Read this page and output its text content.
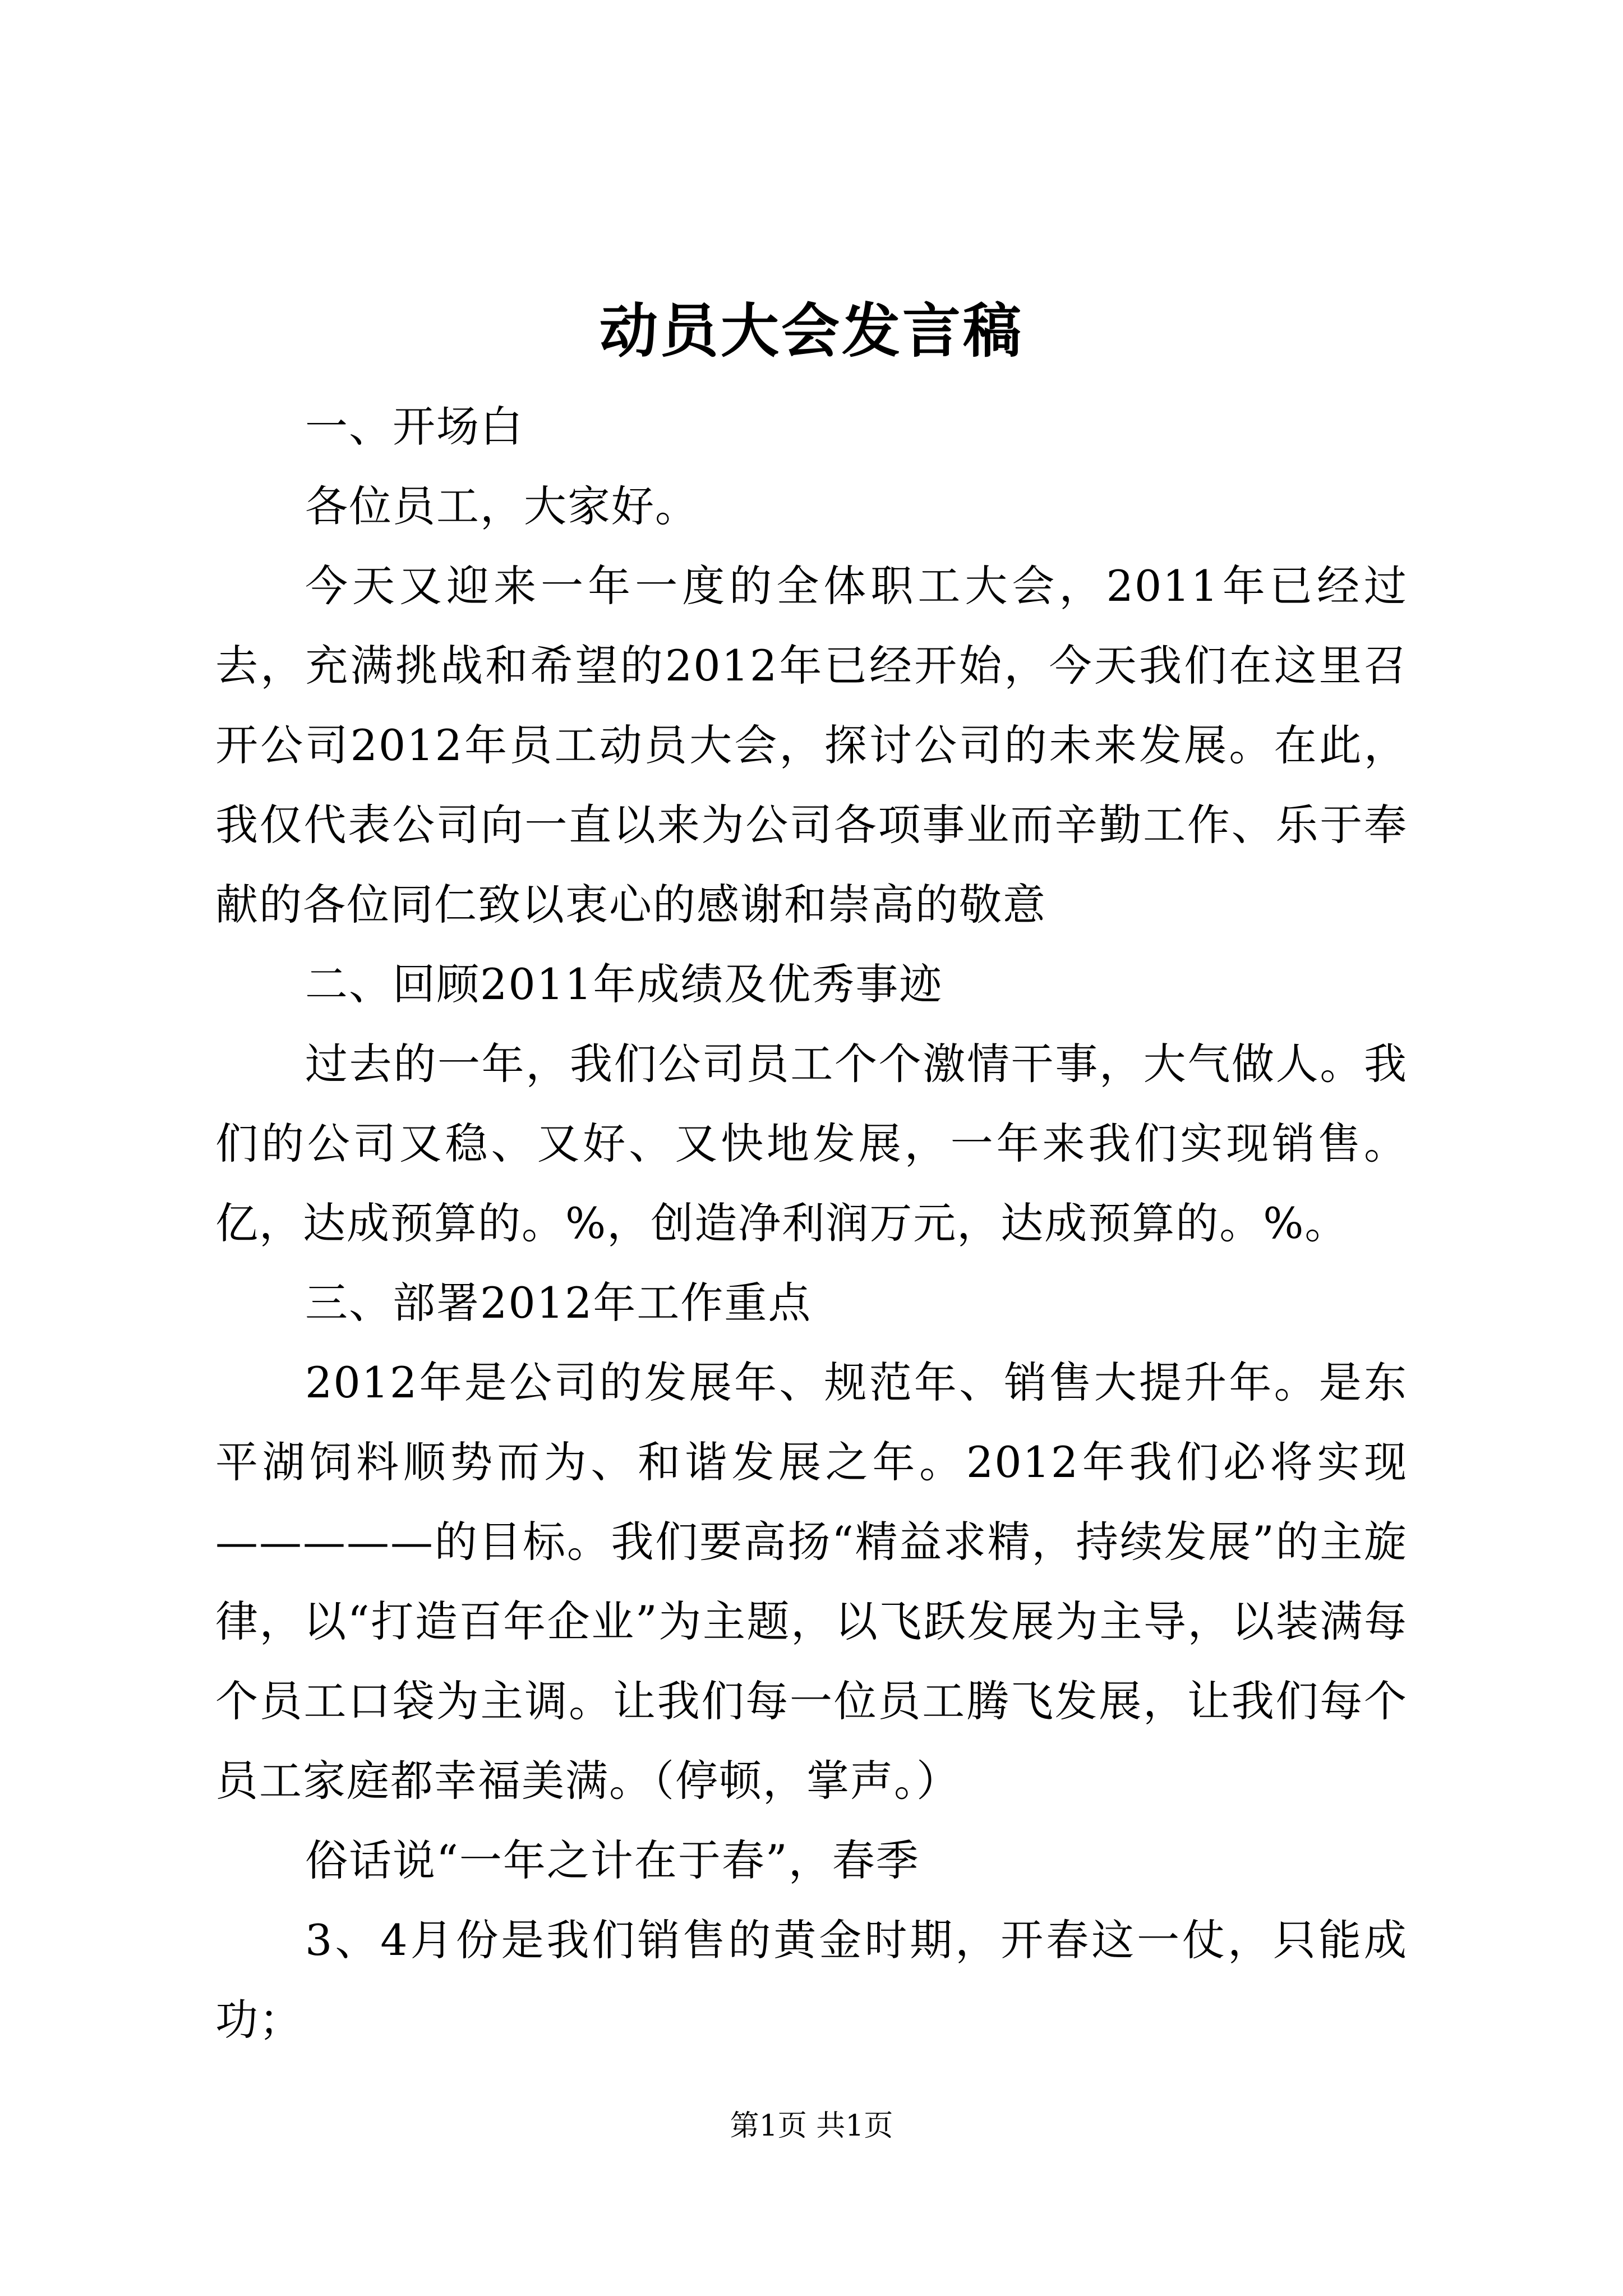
动员大会发言稿

一、开场白

各位员工，大家好。

今天又迎来一年一度的全体职工大会，2011年已经过去，充满挑战和希望的2012年已经开始，今天我们在这里召开公司2012年员工动员大会，探讨公司的未来发展。在此，我仅代表公司向一直以来为公司各项事业而辛勤工作、乐于奉献的各位同仁致以衷心的感谢和崇高的敬意

二、回顾2011年成绩及优秀事迹

过去的一年，我们公司员工个个激情干事，大气做人。我们的公司又稳、又好、又快地发展，一年来我们实现销售。亿，达成预算的。%，创造净利润万元，达成预算的。%。

三、部署2012年工作重点

2012年是公司的发展年、规范年、销售大提升年。是东平湖饲料顺势而为、和谐发展之年。2012年我们必将实现—————的目标。我们要高扬“精益求精，持续发展”的主旋律，以“打造百年企业”为主题，以飞跃发展为主导，以装满每个员工口袋为主调。让我们每一位员工腾飞发展，让我们每个员工家庭都幸福美满。（停顿，掌声。）

俗话说“一年之计在于春”，春季

3、4月份是我们销售的黄金时期，开春这一仗，只能成功；

第1页 共1页
